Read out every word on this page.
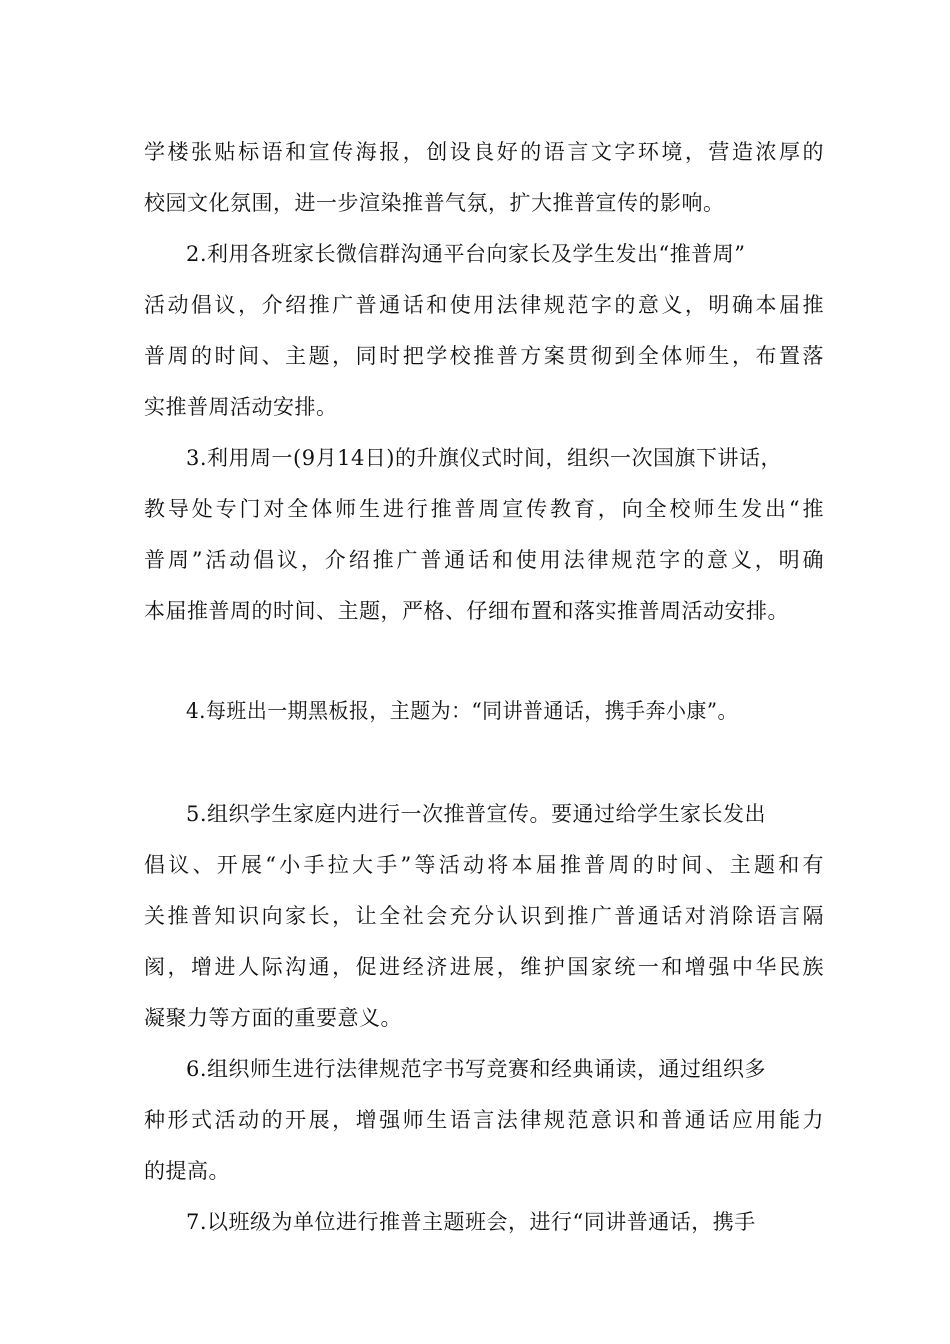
学楼张贴标语和宣传海报，创设良好的语言文字环境，营造浓厚的
校园文化氛围，进一步渲染推普气氛，扩大推普宣传的影响。
2.利用各班家长微信群沟通平台向家长及学生发出“推普周”
活动倡议，介绍推广普通话和使用法律规范字的意义，明确本届推
普周的时间、主题，同时把学校推普方案贯彻到全体师生，布置落
实推普周活动安排。
3.利用周一(9月14日)的升旗仪式时间，组织一次国旗下讲话，
教导处专门对全体师生进行推普周宣传教育，向全校师生发出“推
普周”活动倡议，介绍推广普通话和使用法律规范字的意义，明确
本届推普周的时间、主题，严格、仔细布置和落实推普周活动安排。
4.每班出一期黑板报，主题为：“同讲普通话，携手奔小康”。
5.组织学生家庭内进行一次推普宣传。要通过给学生家长发出
倡议、开展“小手拉大手”等活动将本届推普周的时间、主题和有
关推普知识向家长，让全社会充分认识到推广普通话对消除语言隔
阂，增进人际沟通，促进经济进展，维护国家统一和增强中华民族
凝聚力等方面的重要意义。
6.组织师生进行法律规范字书写竞赛和经典诵读，通过组织多
种形式活动的开展，增强师生语言法律规范意识和普通话应用能力
的提高。
7.以班级为单位进行推普主题班会，进行“同讲普通话，携手
